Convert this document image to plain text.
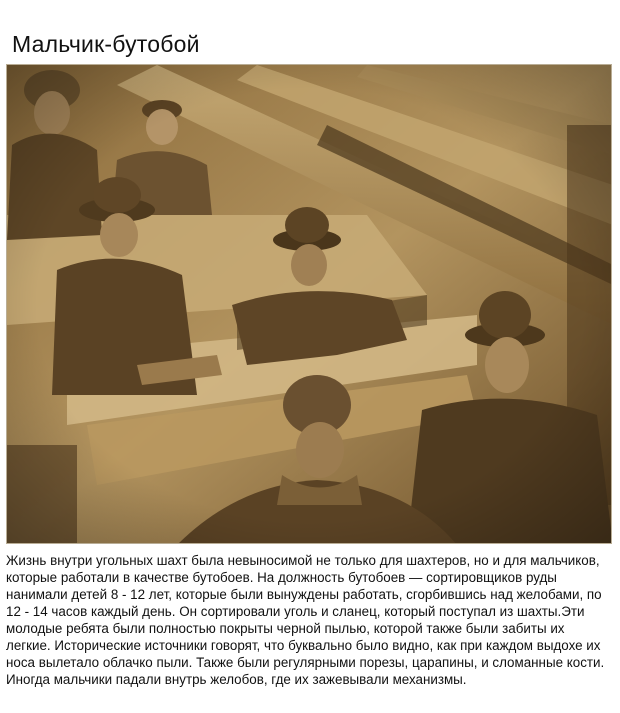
Мальчик-бутобой

Жизнь внутри угольных шахт была невыносимой не только для шахтеров, но и для мальчиков, которые работали в качестве бутобоев. На должность бутобоев — сортировщиков руды нанимали детей 8 - 12 лет, которые были вынуждены работать, сгорбившись над желобами, по 12 - 14 часов каждый день. Он сортировали уголь и сланец, который поступал из шахты.Эти молодые ребята были полностью покрыты черной пылью, которой также были забиты их легкие. Исторические источники говорят, что буквально было видно, как при каждом выдохе их носа вылетало облачко пыли. Также были регулярными порезы, царапины, и сломанные кости. Иногда мальчики падали внутрь желобов, где их зажевывали механизмы.
